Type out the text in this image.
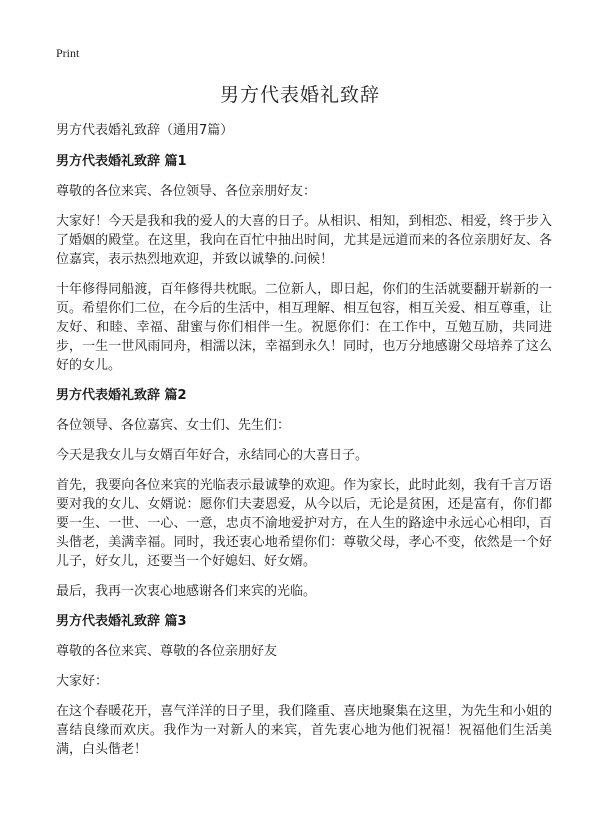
Print
男方代表婚礼致辞

男方代表婚礼致辞（通用7篇）

男方代表婚礼致辞 篇1

尊敬的各位来宾、各位领导、各位亲朋好友：

大家好！今天是我和我的爱人的大喜的日子。从相识、相知，到相恋、相爱，终于步入了婚姻的殿堂。在这里，我向在百忙中抽出时间，尤其是远道而来的各位亲朋好友、各位嘉宾，表示热烈地欢迎，并致以诚挚的.问候！

十年修得同船渡，百年修得共枕眠。二位新人，即日起，你们的生活就要翻开崭新的一页。希望你们二位，在今后的生活中，相互理解、相互包容，相互关爱、相互尊重，让友好、和睦、幸福、甜蜜与你们相伴一生。祝愿你们：在工作中，互勉互励，共同进步，一生一世风雨同舟，相濡以沫，幸福到永久！同时，也万分地感谢父母培养了这么好的女儿。

男方代表婚礼致辞 篇2

各位领导、各位嘉宾、女士们、先生们：

今天是我女儿与女婿百年好合，永结同心的大喜日子。

首先，我要向各位来宾的光临表示最诚挚的欢迎。作为家长，此时此刻，我有千言万语要对我的女儿、女婿说：愿你们夫妻恩爱，从今以后，无论是贫困，还是富有，你们都要一生、一世、一心、一意，忠贞不渝地爱护对方，在人生的路途中永远心心相印，百头偕老，美满幸福。同时，我还衷心地希望你们：尊敬父母，孝心不变，依然是一个好儿子，好女儿，还要当一个好媳妇、好女婿。

最后，我再一次衷心地感谢各们来宾的光临。

男方代表婚礼致辞 篇3

尊敬的各位来宾、尊敬的各位亲朋好友

大家好：

在这个春暖花开，喜气洋洋的日子里，我们隆重、喜庆地聚集在这里，为先生和小姐的喜结良缘而欢庆。我作为一对新人的来宾，首先衷心地为他们祝福！祝福他们生活美满，白头偕老！
